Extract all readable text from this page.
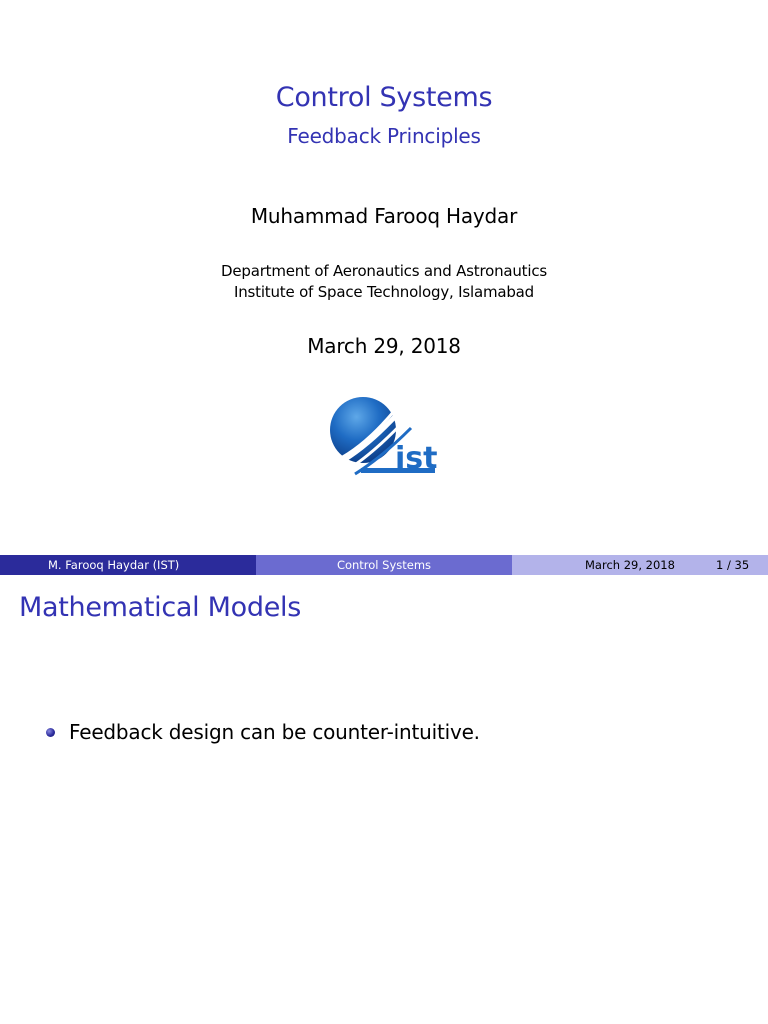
Control Systems
Feedback Principles
Muhammad Farooq Haydar
Department of Aeronautics and Astronautics
Institute of Space Technology, Islamabad
March 29, 2018
ist
M. Farooq Haydar (IST)	Control Systems	March 29, 2018	1 / 35
Mathematical Models
Feedback design can be counter-intuitive.
